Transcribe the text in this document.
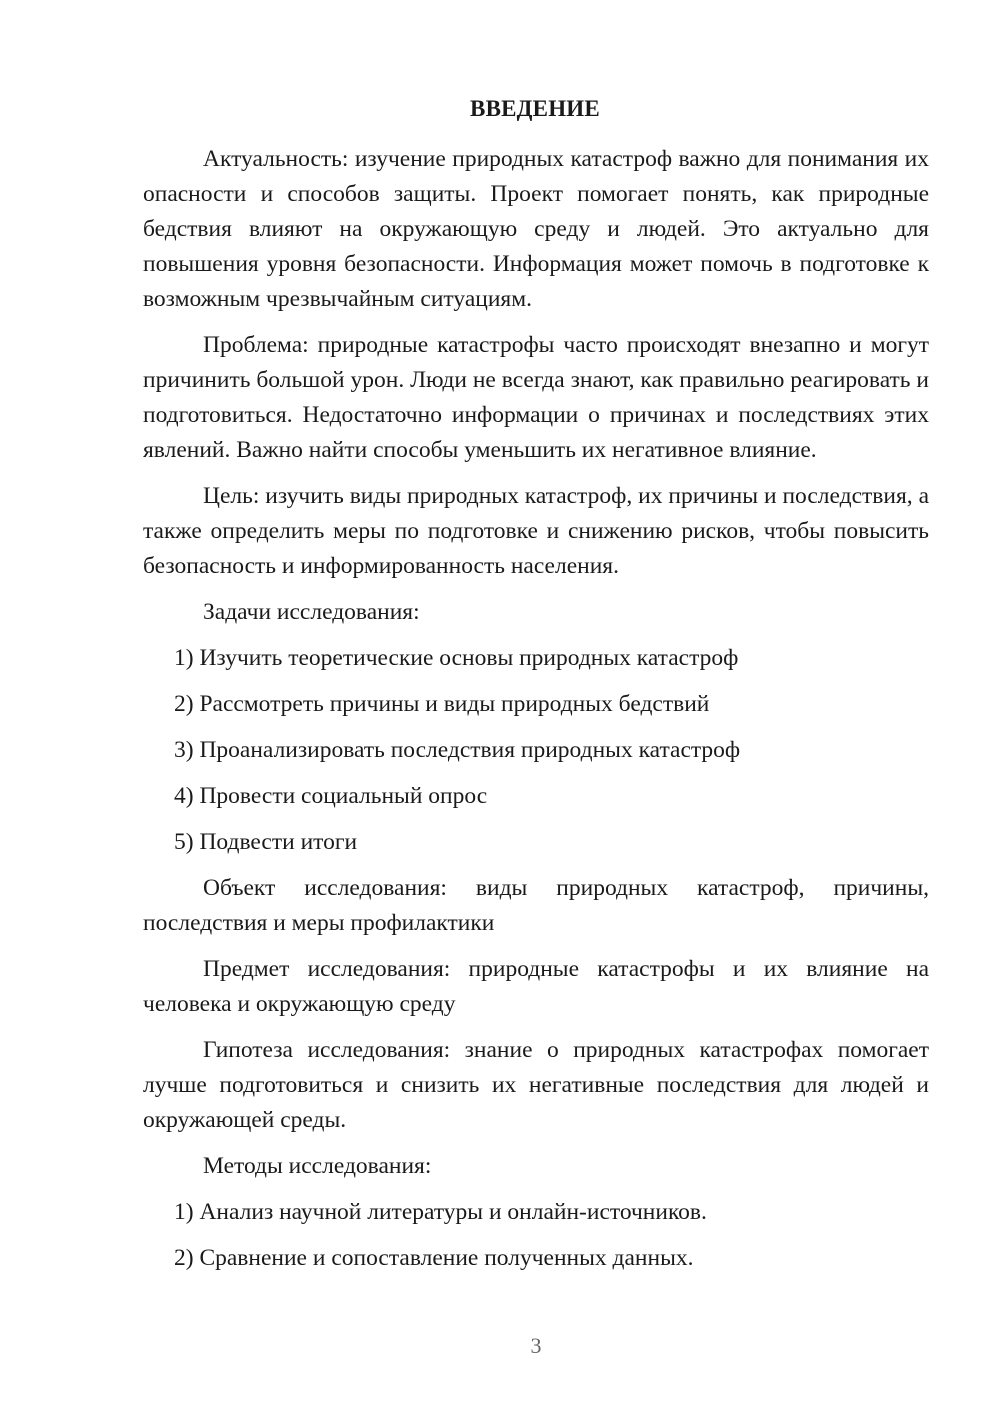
ВВЕДЕНИЕ

Актуальность: изучение природных катастроф важно для понимания их опасности и способов защиты. Проект помогает понять, как природные бедствия влияют на окружающую среду и людей. Это актуально для повышения уровня безопасности. Информация может помочь в подготовке к возможным чрезвычайным ситуациям.

Проблема: природные катастрофы часто происходят внезапно и могут причинить большой урон. Люди не всегда знают, как правильно реагировать и подготовиться. Недостаточно информации о причинах и последствиях этих явлений. Важно найти способы уменьшить их негативное влияние.

Цель: изучить виды природных катастроф, их причины и последствия, а также определить меры по подготовке и снижению рисков, чтобы повысить безопасность и информированность населения.

Задачи исследования:

1) Изучить теоретические основы природных катастроф

2) Рассмотреть причины и виды природных бедствий

3) Проанализировать последствия природных катастроф

4) Провести социальный опрос

5) Подвести итоги

Объект исследования: виды природных катастроф, причины, последствия и меры профилактики

Предмет исследования: природные катастрофы и их влияние на человека и окружающую среду

Гипотеза исследования: знание о природных катастрофах помогает лучше подготовиться и снизить их негативные последствия для людей и окружающей среды.

Методы исследования:

1) Анализ научной литературы и онлайн-источников.

2) Сравнение и сопоставление полученных данных.

3
